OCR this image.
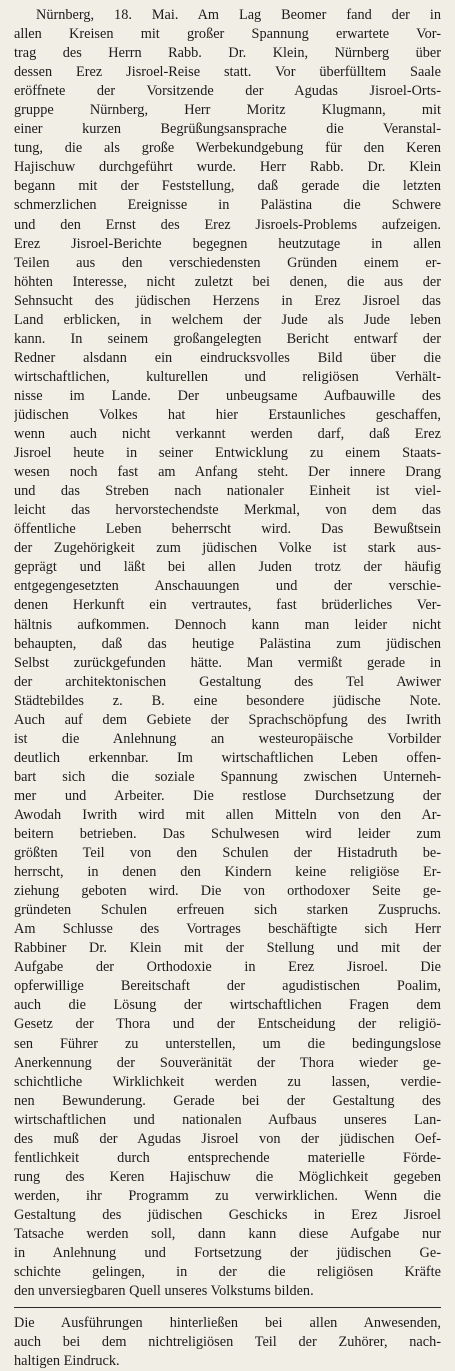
Nürnberg, 18. Mai. Am Lag Beomer fand der in
allen Kreisen mit großer Spannung erwartete Vor-
trag des Herrn Rabb. Dr. Klein, Nürnberg über
dessen Erez Jisroel-Reise statt. Vor überfülltem Saale
eröffnete der Vorsitzende der Agudas Jisroel-Orts-
gruppe Nürnberg, Herr Moritz Klugmann, mit
einer kurzen Begrüßungsansprache die Veranstal-
tung, die als große Werbekundgebung für den Keren
Hajischuw durchgeführt wurde. Herr Rabb. Dr. Klein
begann mit der Feststellung, daß gerade die letzten
schmerzlichen Ereignisse in Palästina die Schwere
und den Ernst des Erez Jisroels-Problems aufzeigen.
Erez Jisroel-Berichte begegnen heutzutage in allen
Teilen aus den verschiedensten Gründen einem er-
höhten Interesse, nicht zuletzt bei denen, die aus der
Sehnsucht des jüdischen Herzens in Erez Jisroel das
Land erblicken, in welchem der Jude als Jude leben
kann. In seinem großangelegten Bericht entwarf der
Redner alsdann ein eindrucksvolles Bild über die
wirtschaftlichen, kulturellen und religiösen Verhält-
nisse im Lande. Der unbeugsame Aufbauwille des
jüdischen Volkes hat hier Erstaunliches geschaffen,
wenn auch nicht verkannt werden darf, daß Erez
Jisroel heute in seiner Entwicklung zu einem Staats-
wesen noch fast am Anfang steht. Der innere Drang
und das Streben nach nationaler Einheit ist viel-
leicht das hervorstechendste Merkmal, von dem das
öffentliche Leben beherrscht wird. Das Bewußtsein
der Zugehörigkeit zum jüdischen Volke ist stark aus-
geprägt und läßt bei allen Juden trotz der häufig
entgegengesetzten Anschauungen und der verschie-
denen Herkunft ein vertrautes, fast brüderliches Ver-
hältnis aufkommen. Dennoch kann man leider nicht
behaupten, daß das heutige Palästina zum jüdischen
Selbst zurückgefunden hätte. Man vermißt gerade in
der architektonischen Gestaltung des Tel Awiwer
Städtebildes z. B. eine besondere jüdische Note.
Auch auf dem Gebiete der Sprachschöpfung des Iwrith
ist die Anlehnung an westeuropäische Vorbilder
deutlich erkennbar. Im wirtschaftlichen Leben offen-
bart sich die soziale Spannung zwischen Unterneh-
mer und Arbeiter. Die restlose Durchsetzung der
Awodah Iwrith wird mit allen Mitteln von den Ar-
beitern betrieben. Das Schulwesen wird leider zum
größten Teil von den Schulen der Histadruth be-
herrscht, in denen den Kindern keine religiöse Er-
ziehung geboten wird. Die von orthodoxer Seite ge-
gründeten Schulen erfreuen sich starken Zuspruchs.
Am Schlusse des Vortrages beschäftigte sich Herr
Rabbiner Dr. Klein mit der Stellung und mit der
Aufgabe der Orthodoxie in Erez Jisroel. Die
opferwillige Bereitschaft der agudistischen Poalim,
auch die Lösung der wirtschaftlichen Fragen dem
Gesetz der Thora und der Entscheidung der religiö-
sen Führer zu unterstellen, um die bedingungslose
Anerkennung der Souveränität der Thora wieder ge-
schichtliche Wirklichkeit werden zu lassen, verdie-
nen Bewunderung. Gerade bei der Gestaltung des
wirtschaftlichen und nationalen Aufbaus unseres Lan-
des muß der Agudas Jisroel von der jüdischen Oef-
fentlichkeit durch entsprechende materielle Förde-
rung des Keren Hajischuw die Möglichkeit gegeben
werden, ihr Programm zu verwirklichen. Wenn die
Gestaltung des jüdischen Geschicks in Erez Jisroel
Tatsache werden soll, dann kann diese Aufgabe nur
in Anlehnung und Fortsetzung der jüdischen Ge-
schichte gelingen, in der die religiösen Kräfte
den unversiegbaren Quell unseres Volkstums bilden.
Die Ausführungen hinterließen bei allen Anwesenden,
auch bei dem nichtreligiösen Teil der Zuhörer, nach-
haltigen Eindruck.
